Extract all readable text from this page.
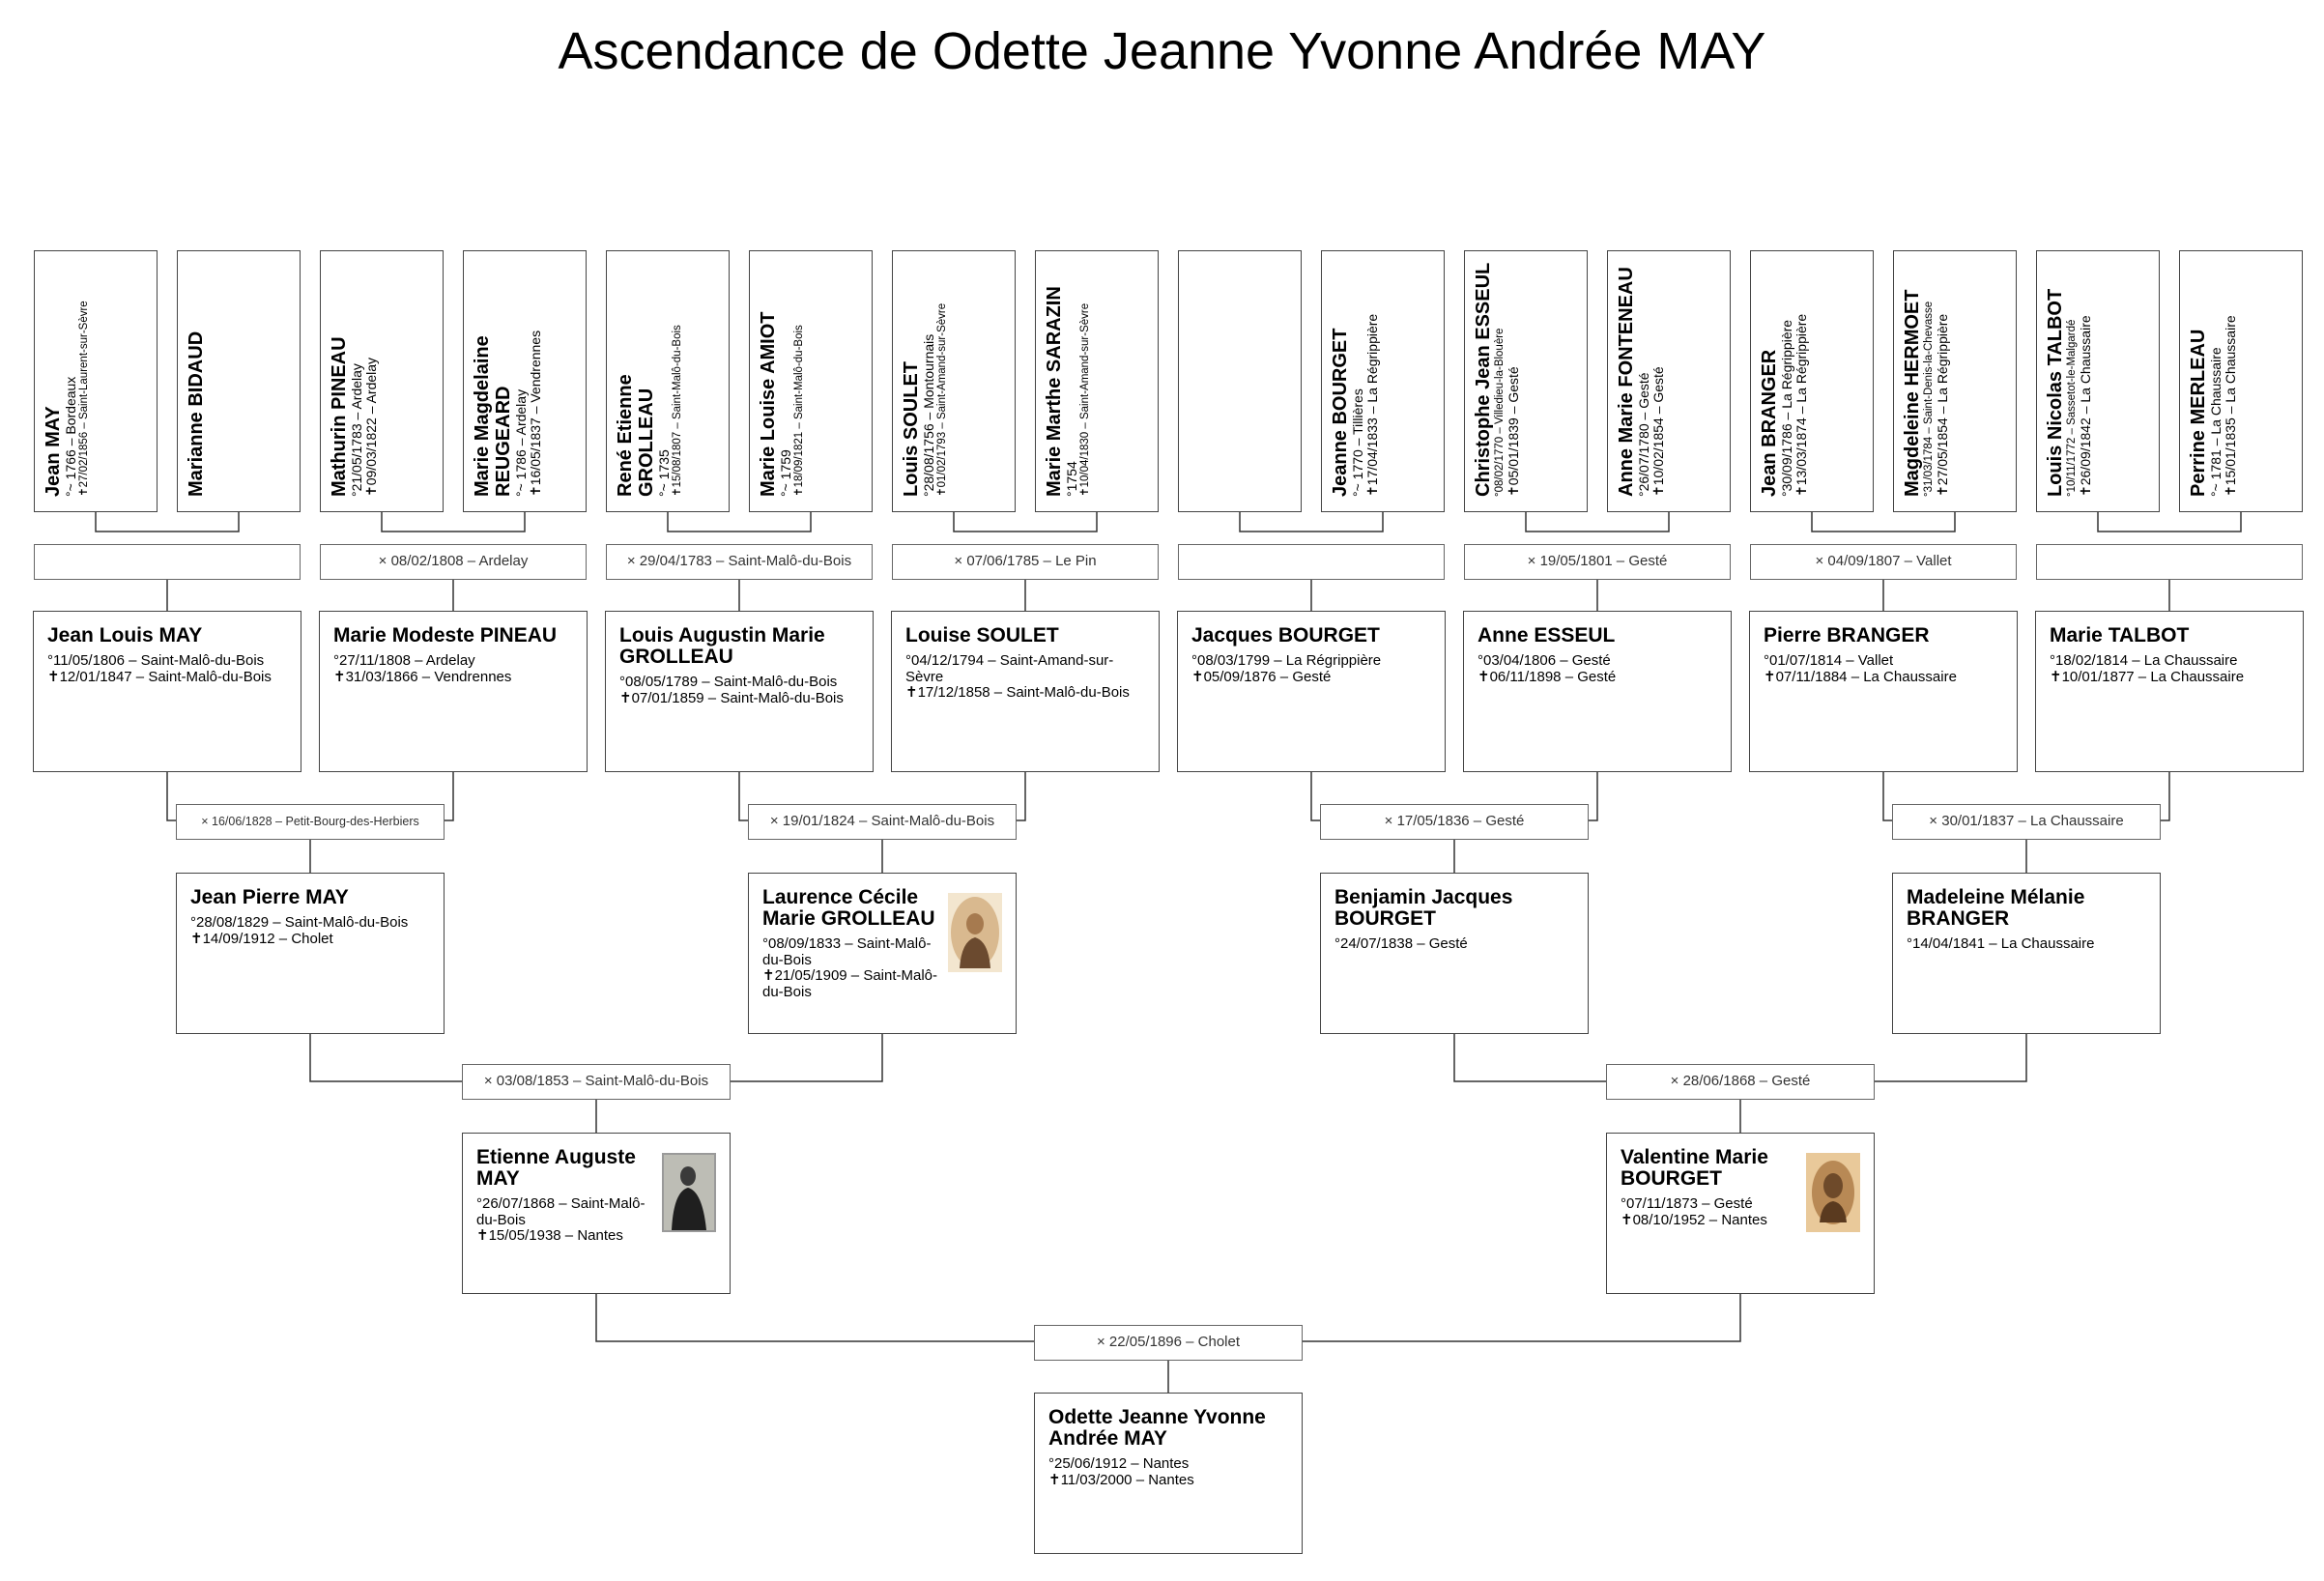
Ascendance de Odette Jeanne Yvonne Andrée MAY
Jean MAY °~ 1766 – Bordeaux ✝27/02/1856 – Saint-Laurent-sur-Sèvre	Marianne BIDAUD	Mathurin PINEAU °21/05/1783 – Ardelay ✝09/03/1822 – Ardelay	Marie Magdelaine REUGEARD °~ 1786 – Ardelay ✝16/05/1837 – Vendrennes	René Etienne GROLLEAU °~ 1735 ✝15/08/1807 – Saint-Malô-du-Bois	Marie Louise AMIOT °~ 1759 ✝18/09/1821 – Saint-Malô-du-Bois	Louis SOULET °28/08/1756 – Montournais ✝01/02/1793 – Saint-Amand-sur-Sèvre	Marie Marthe SARAZIN °1754 ✝10/04/1830 – Saint-Amand-sur-Sèvre	Jeanne BOURGET °~ 1770 – Tillières ✝17/04/1833 – La Régrippière	Christophe Jean ESSEUL °08/02/1770 – Villedieu-la-Blouère ✝05/01/1839 – Gesté	Anne Marie FONTENEAU °26/07/1780 – Gesté ✝10/02/1854 – Gesté	Jean BRANGER °30/09/1786 – La Régrippière ✝13/03/1874 – La Régrippière	Magdeleine HERMOET °31/03/1784 – Saint-Denis-la-Chevasse ✝27/05/1854 – La Régrippière	Louis Nicolas TALBOT °10/11/1772 – Sassetot-le-Malgardé ✝26/09/1842 – La Chaussaire	Perrine MERLEAU °~ 1781 – La Chaussaire ✝15/01/1835 – La Chaussaire
× 08/02/1808 – Ardelay	× 29/04/1783 – Saint-Malô-du-Bois	× 07/06/1785 – Le Pin	× 19/05/1801 – Gesté	× 04/09/1807 – Vallet
Jean Louis MAY
°11/05/1806 – Saint-Malô-du-Bois
✝12/01/1847 – Saint-Malô-du-Bois
Marie Modeste PINEAU
°27/11/1808 – Ardelay
✝31/03/1866 – Vendrennes
Louis Augustin Marie GROLLEAU
°08/05/1789 – Saint-Malô-du-Bois
✝07/01/1859 – Saint-Malô-du-Bois
Louise SOULET
°04/12/1794 – Saint-Amand-sur-Sèvre
✝17/12/1858 – Saint-Malô-du-Bois
Jacques BOURGET
°08/03/1799 – La Régrippière
✝05/09/1876 – Gesté
Anne ESSEUL
°03/04/1806 – Gesté
✝06/11/1898 – Gesté
Pierre BRANGER
°01/07/1814 – Vallet
✝07/11/1884 – La Chaussaire
Marie TALBOT
°18/02/1814 – La Chaussaire
✝10/01/1877 – La Chaussaire
× 16/06/1828 – Petit-Bourg-des-Herbiers	× 19/01/1824 – Saint-Malô-du-Bois	× 17/05/1836 – Gesté	× 30/01/1837 – La Chaussaire
Jean Pierre MAY
°28/08/1829 – Saint-Malô-du-Bois
✝14/09/1912 – Cholet
Laurence Cécile Marie GROLLEAU
°08/09/1833 – Saint-Malô-du-Bois
✝21/05/1909 – Saint-Malô-du-Bois
Benjamin Jacques BOURGET
°24/07/1838 – Gesté
Madeleine Mélanie BRANGER
°14/04/1841 – La Chaussaire
× 03/08/1853 – Saint-Malô-du-Bois	× 28/06/1868 – Gesté
Etienne Auguste MAY
°26/07/1868 – Saint-Malô-du-Bois
✝15/05/1938 – Nantes
Valentine Marie BOURGET
°07/11/1873 – Gesté
✝08/10/1952 – Nantes
× 22/05/1896 – Cholet
Odette Jeanne Yvonne Andrée MAY
°25/06/1912 – Nantes
✝11/03/2000 – Nantes
